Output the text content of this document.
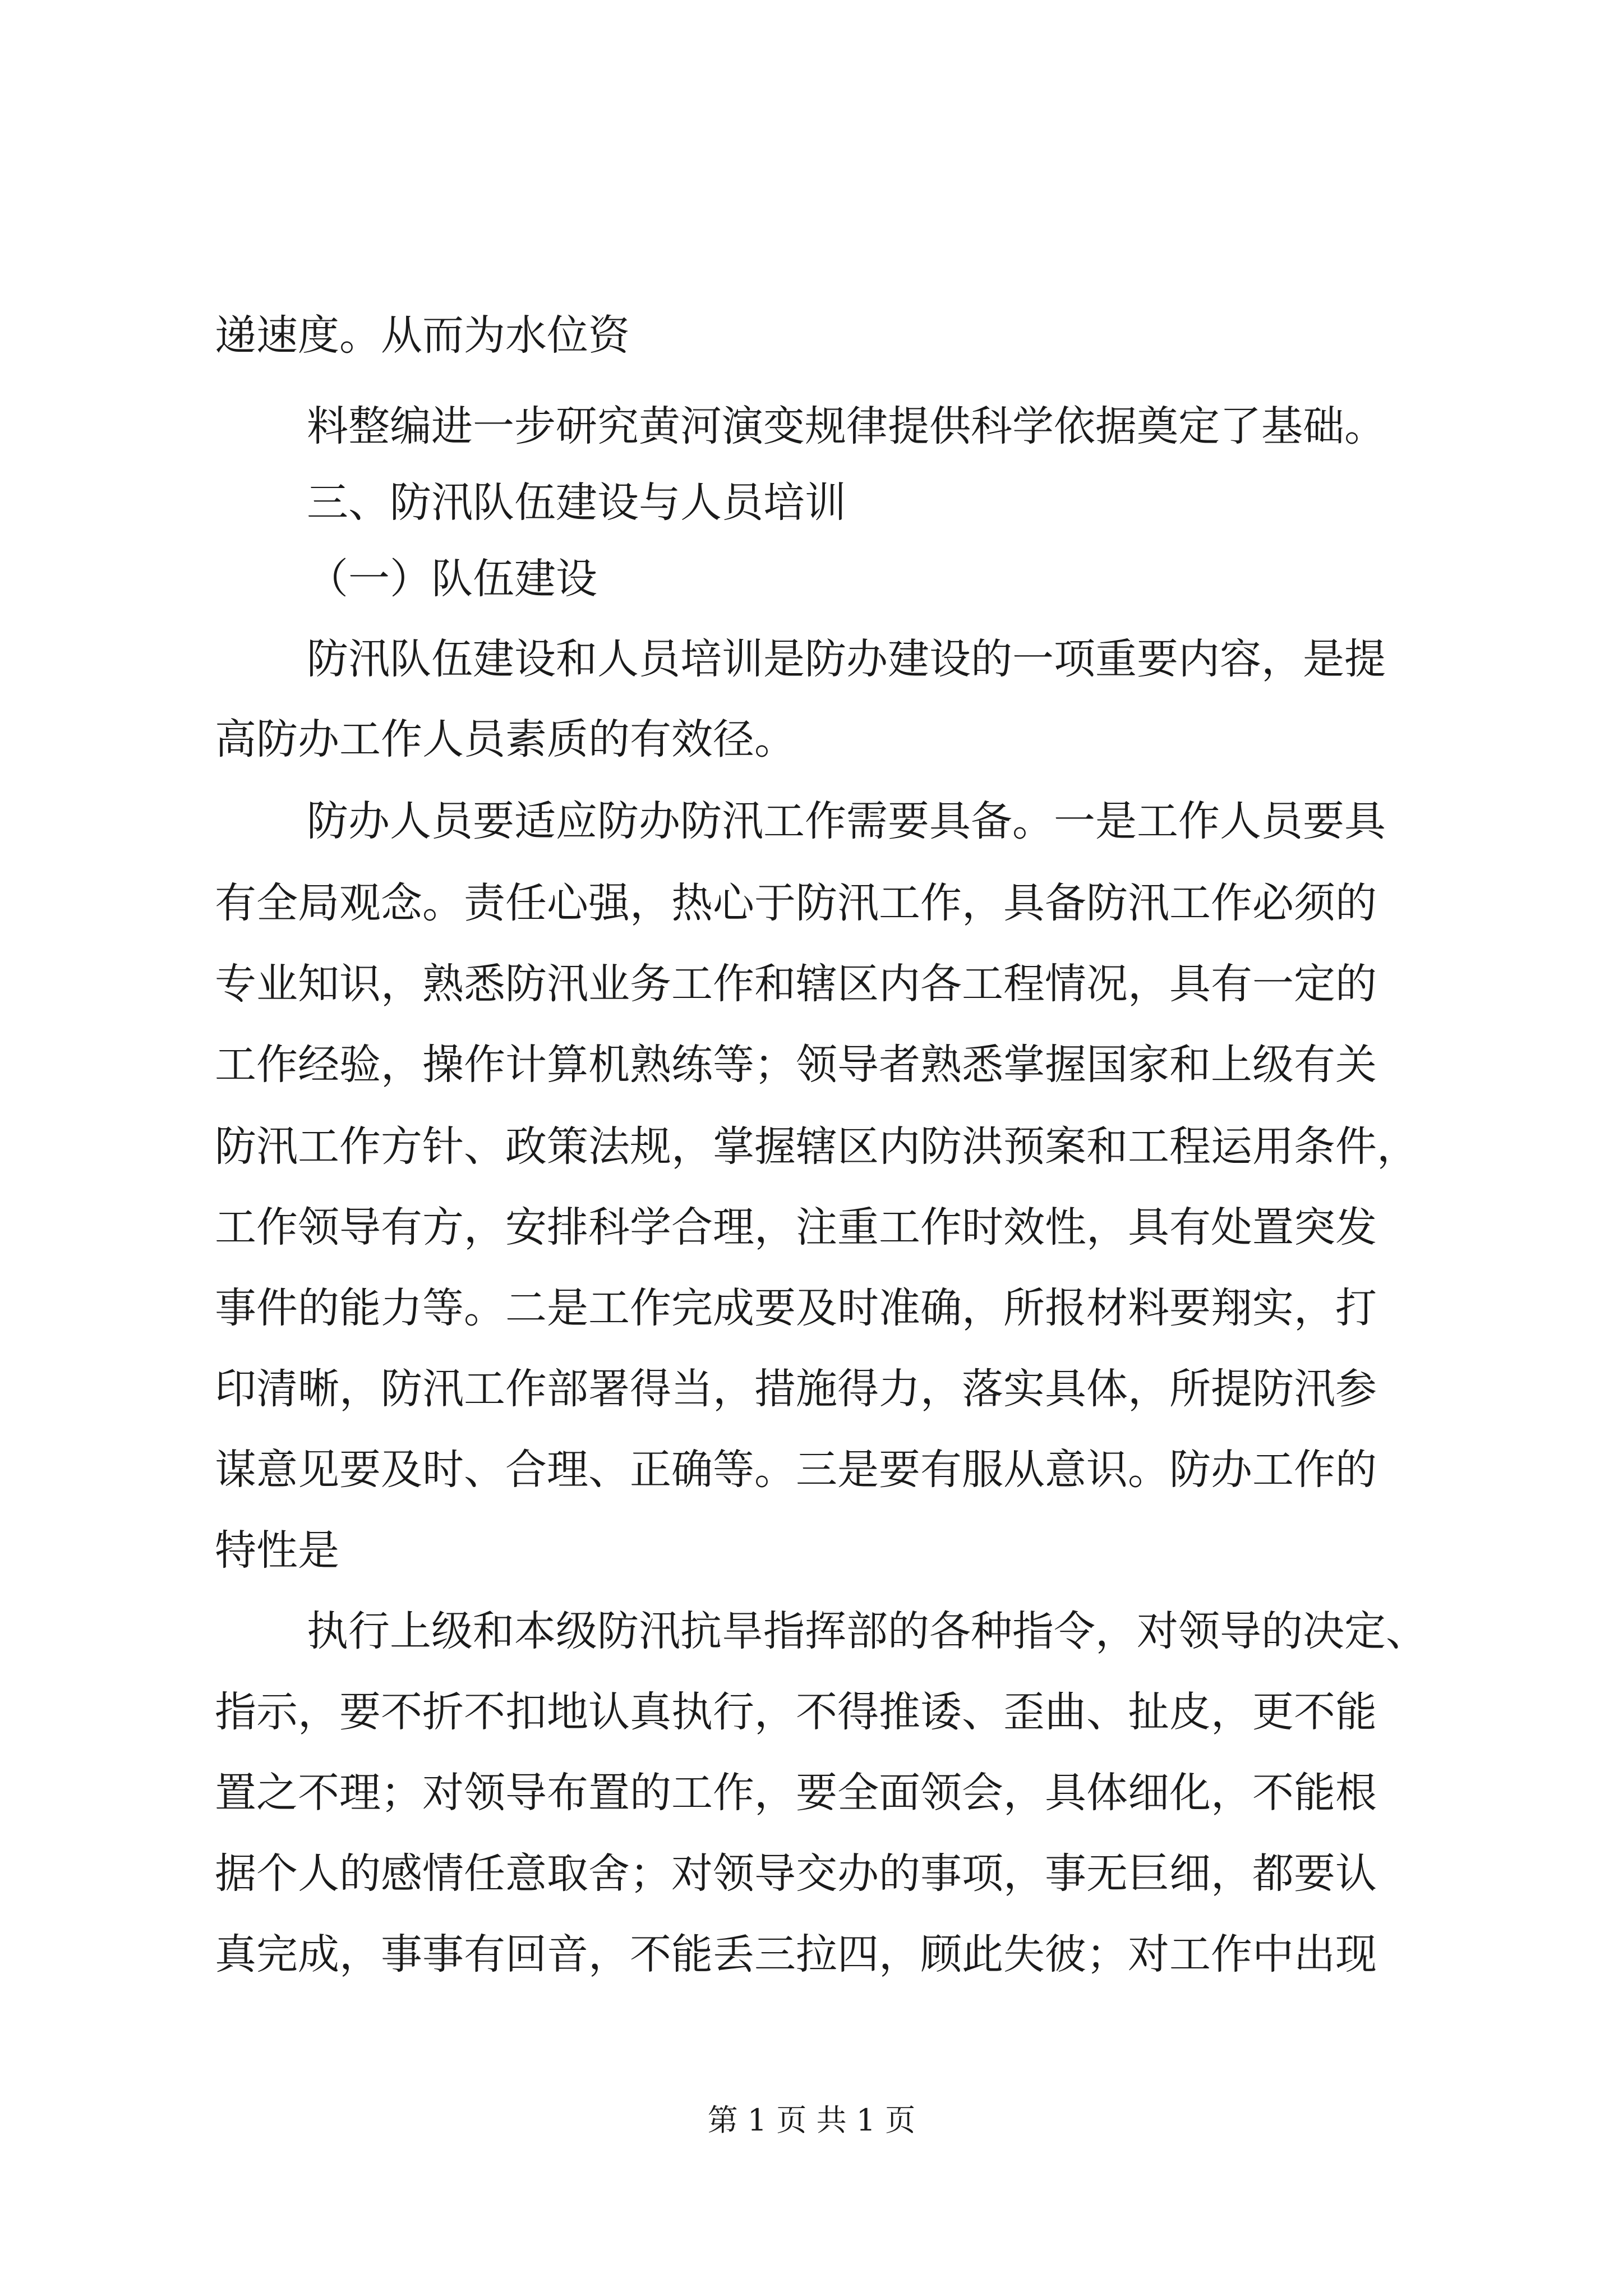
递速度。从而为水位资
料整编进一步研究黄河演变规律提供科学依据奠定了基础。
三、防汛队伍建设与人员培训
（一）队伍建设
防汛队伍建设和人员培训是防办建设的一项重要内容，是提
高防办工作人员素质的有效径。
防办人员要适应防办防汛工作需要具备。一是工作人员要具
有全局观念。责任心强，热心于防汛工作，具备防汛工作必须的
专业知识，熟悉防汛业务工作和辖区内各工程情况，具有一定的
工作经验，操作计算机熟练等；领导者熟悉掌握国家和上级有关
防汛工作方针、政策法规，掌握辖区内防洪预案和工程运用条件，
工作领导有方，安排科学合理，注重工作时效性，具有处置突发
事件的能力等。二是工作完成要及时准确，所报材料要翔实，打
印清晰，防汛工作部署得当，措施得力，落实具体，所提防汛参
谋意见要及时、合理、正确等。三是要有服从意识。防办工作的
特性是
执行上级和本级防汛抗旱指挥部的各种指令，对领导的决定、
指示，要不折不扣地认真执行，不得推诿、歪曲、扯皮，更不能
置之不理；对领导布置的工作，要全面领会，具体细化，不能根
据个人的感情任意取舍；对领导交办的事项，事无巨细，都要认
真完成，事事有回音，不能丢三拉四，顾此失彼；对工作中出现
第 1 页 共 1 页
